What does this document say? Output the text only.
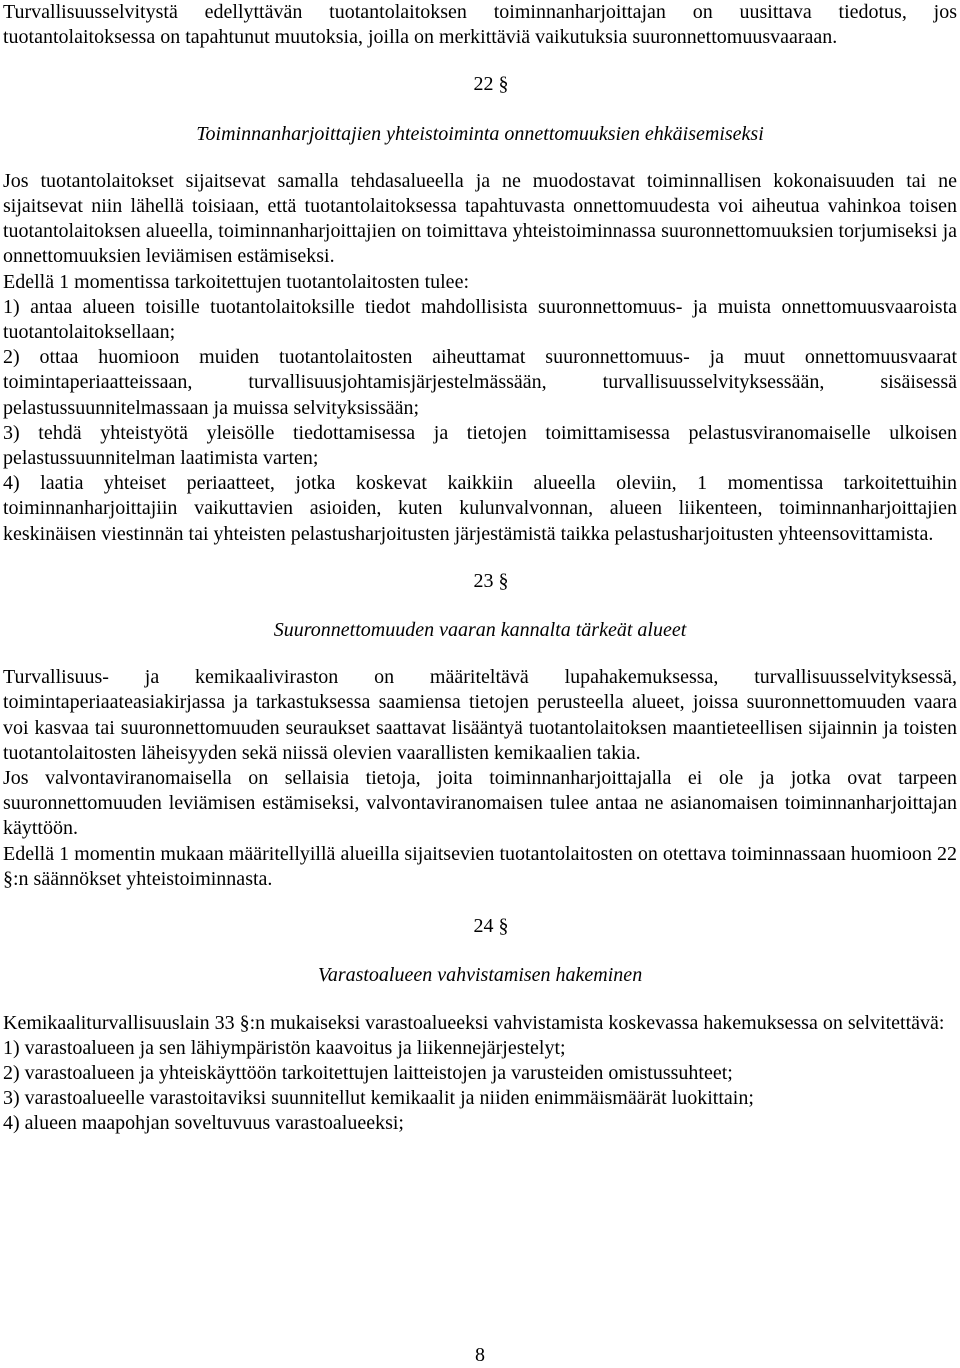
Turvallisuusselvitystä edellyttävän tuotantolaitoksen toiminnanharjoittajan on uusittava tiedotus, jos tuotantolaitoksessa on tapahtunut muutoksia, joilla on merkittäviä vaikutuksia suuronnettomuusvaaraan.

22 §
Toiminnanharjoittajien yhteistoiminta onnettomuuksien ehkäisemiseksi

Jos tuotantolaitokset sijaitsevat samalla tehdasalueella ja ne muodostavat toiminnallisen kokonaisuuden tai ne sijaitsevat niin lähellä toisiaan, että tuotantolaitoksessa tapahtuvasta onnettomuudesta voi aiheutua vahinkoa toisen tuotantolaitoksen alueella, toiminnanharjoittajien on toimittava yhteistoiminnassa suuronnettomuuksien torjumiseksi ja onnettomuuksien leviämisen estämiseksi.

Edellä 1 momentissa tarkoitettujen tuotantolaitosten tulee:

1) antaa alueen toisille tuotantolaitoksille tiedot mahdollisista suuronnettomuus- ja muista onnettomuusvaaroista tuotantolaitoksellaan;

2) ottaa huomioon muiden tuotantolaitosten aiheuttamat suuronnettomuus- ja muut onnettomuusvaarat toimintaperiaatteissaan, turvallisuusjohtamisjärjestelmässään, turvallisuusselvityksessään, sisäisessä pelastussuunnitelmassaan ja muissa selvityksissään;

3) tehdä yhteistyötä yleisölle tiedottamisessa ja tietojen toimittamisessa pelastusviranomaiselle ulkoisen pelastussuunnitelman laatimista varten;

4) laatia yhteiset periaatteet, jotka koskevat kaikkiin alueella oleviin, 1 momentissa tarkoitettuihin toiminnanharjoittajiin vaikuttavien asioiden, kuten kulunvalvonnan, alueen liikenteen, toiminnanharjoittajien keskinäisen viestinnän tai yhteisten pelastusharjoitusten järjestämistä taikka pelastusharjoitusten yhteensovittamista.

23 §
Suuronnettomuuden vaaran kannalta tärkeät alueet

Turvallisuus- ja kemikaaliviraston on määriteltävä lupahakemuksessa, turvallisuusselvityksessä, toimintaperiaateasiakirjassa ja tarkastuksessa saamiensa tietojen perusteella alueet, joissa suuronnettomuuden vaara voi kasvaa tai suuronnettomuuden seuraukset saattavat lisääntyä tuotantolaitoksen maantieteellisen sijainnin ja toisten tuotantolaitosten läheisyyden sekä niissä olevien vaarallisten kemikaalien takia.

Jos valvontaviranomaisella on sellaisia tietoja, joita toiminnanharjoittajalla ei ole ja jotka ovat tarpeen suuronnettomuuden leviämisen estämiseksi, valvontaviranomaisen tulee antaa ne asianomaisen toiminnanharjoittajan käyttöön.

Edellä 1 momentin mukaan määritellyillä alueilla sijaitsevien tuotantolaitosten on otettava toiminnassaan huomioon 22 §:n säännökset yhteistoiminnasta.

24 §
Varastoalueen vahvistamisen hakeminen

Kemikaaliturvallisuuslain 33 §:n mukaiseksi varastoalueeksi vahvistamista koskevassa hakemuksessa on selvitettävä:

1) varastoalueen ja sen lähiympäristön kaavoitus ja liikennejärjestelyt;

2) varastoalueen ja yhteiskäyttöön tarkoitettujen laitteistojen ja varusteiden omistussuhteet;

3) varastoalueelle varastoitaviksi suunnitellut kemikaalit ja niiden enimmäismäärät luokittain;

4) alueen maapohjan soveltuvuus varastoalueeksi;

8
